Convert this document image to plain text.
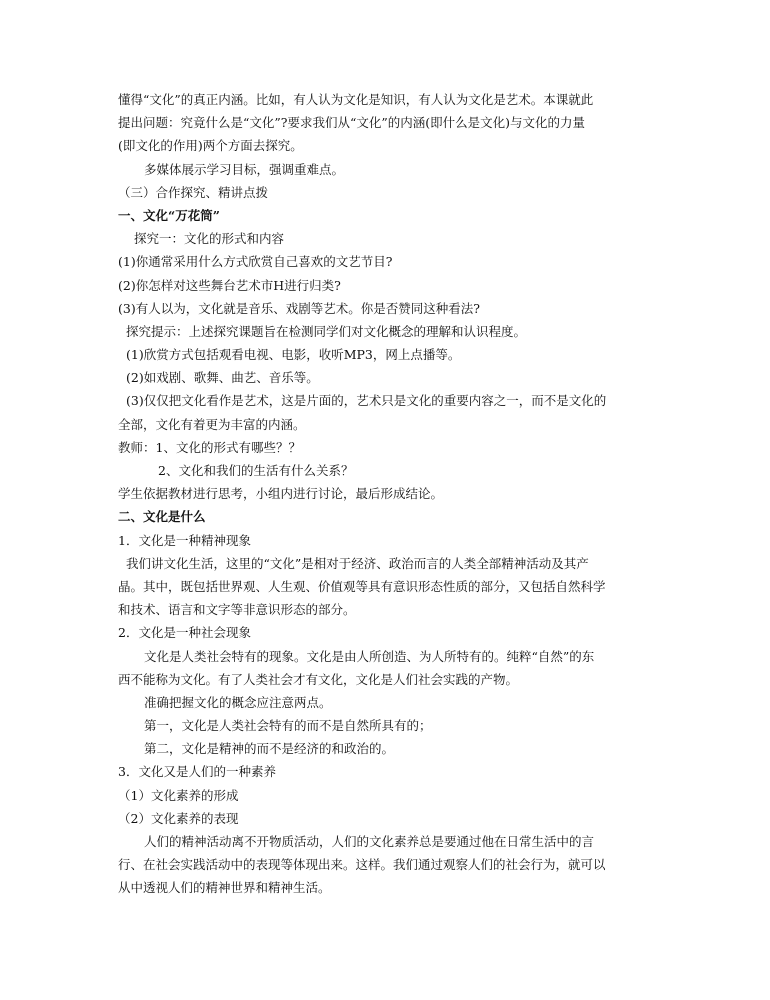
懂得“文化”的真正内涵。比如，有人认为文化是知识，有人认为文化是艺术。本课就此
提出问题：究竟什么是“文化”?要求我们从“文化”的内涵(即什么是文化)与文化的力量
(即文化的作用)两个方面去探究。
多媒体展示学习目标，强调重难点。
（三）合作探究、精讲点拨
一、文化“万花筒”
探究一：文化的形式和内容
(1)你通常采用什么方式欣赏自己喜欢的文艺节目?
(2)你怎样对这些舞台艺术市H进行归类?
(3)有人以为，文化就是音乐、戏剧等艺术。你是否赞同这种看法?
探究提示：上述探究课题旨在检测同学们对文化概念的理解和认识程度。
(1)欣赏方式包括观看电视、电影，收听MP3，网上点播等。
(2)如戏剧、歌舞、曲艺、音乐等。
(3)仅仅把文化看作是艺术，这是片面的，艺术只是文化的重要内容之一，而不是文化的
全部，文化有着更为丰富的内涵。
教师：1、文化的形式有哪些？？
2、文化和我们的生活有什么关系？
学生依据教材进行思考，小组内进行讨论，最后形成结论。
二、文化是什么
1．文化是一种精神现象
我们讲文化生活，这里的“文化”是相对于经济、政治而言的人类全部精神活动及其产
晶。其中，既包括世界观、人生观、价值观等具有意识形态性质的部分，又包括自然科学
和技术、语言和文字等非意识形态的部分。
2．文化是一种社会现象
文化是人类社会特有的现象。文化是由人所创造、为人所特有的。纯粹“自然”的东
西不能称为文化。有了人类社会才有文化，文化是人们社会实践的产物。
准确把握文化的概念应注意两点。
第一，文化是人类社会特有的而不是自然所具有的；
第二，文化是精神的而不是经济的和政治的。
3．文化又是人们的一种素养
（1）文化素养的形成
（2）文化素养的表现
人们的精神活动离不开物质活动，人们的文化素养总是要通过他在日常生活中的言
行、在社会实践活动中的表现等体现出来。这样。我们通过观察人们的社会行为，就可以
从中透视人们的精神世界和精神生活。
